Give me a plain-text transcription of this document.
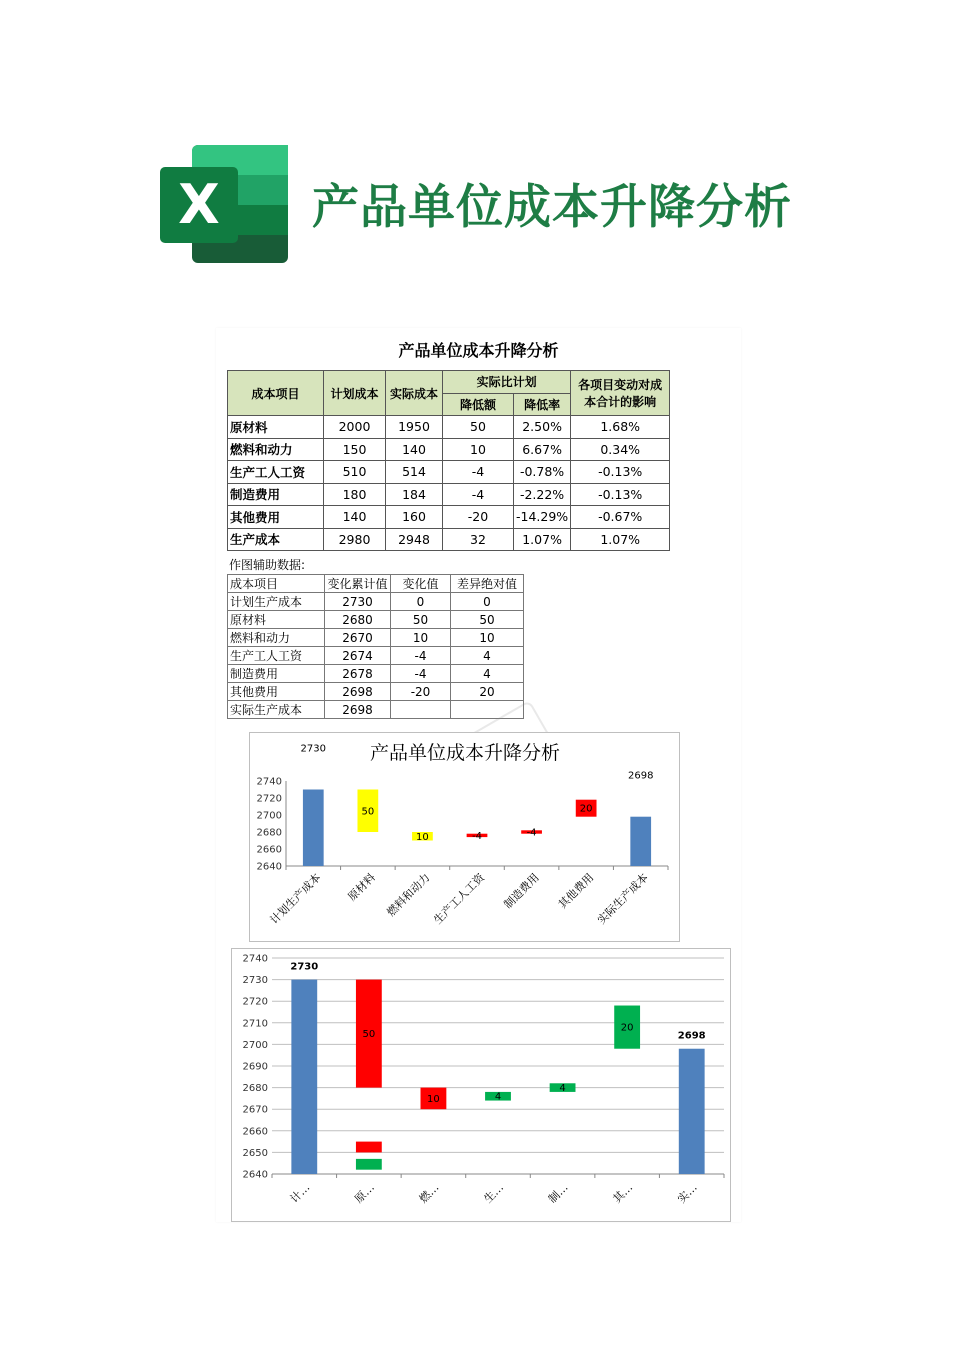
X 产品单位成本升降分析
产品单位成本升降分析
成本项目	计划成本	实际成本	实际比计划		各项目变动对成
本合计的影响

			降低额	降低率	
原材料	2000	1950	50	2.50%	1.68%
燃料和动力	150	140	10	6.67%	0.34%
生产工人工资	510	514	-4	-0.78%	-0.13%
制造费用	180	184	-4	-2.22%	-0.13%
其他费用	140	160	-20	-14.29%	-0.67%
生产成本	2980	2948	32	1.07%	1.07%
作图辅助数据:
成本项目	变化累计值	变化值	差异绝对值
计划生产成本	2730	0	0
原材料	2680	50	50
燃料和动力	2670	10	10
生产工人工资	2674	-4	4
制造费用	2678	-4	4
其他费用	2698	-20	20
实际生产成本	2698		
产品单位成本升降分析
2740
2720
2700
2680
2660
2640
2730
50
10	-4	-4
20
2698
计划生产成本 原材料 燃料和动力
生产工人工资 制造费用 其他费用
实际生产成本
2740
2730
2720
2710
2700
2690
2680
2670
2660
2650
2640
2730
50
10	4
4
20
2698
计…	原…	燃…	生…	制…	其…	实…
